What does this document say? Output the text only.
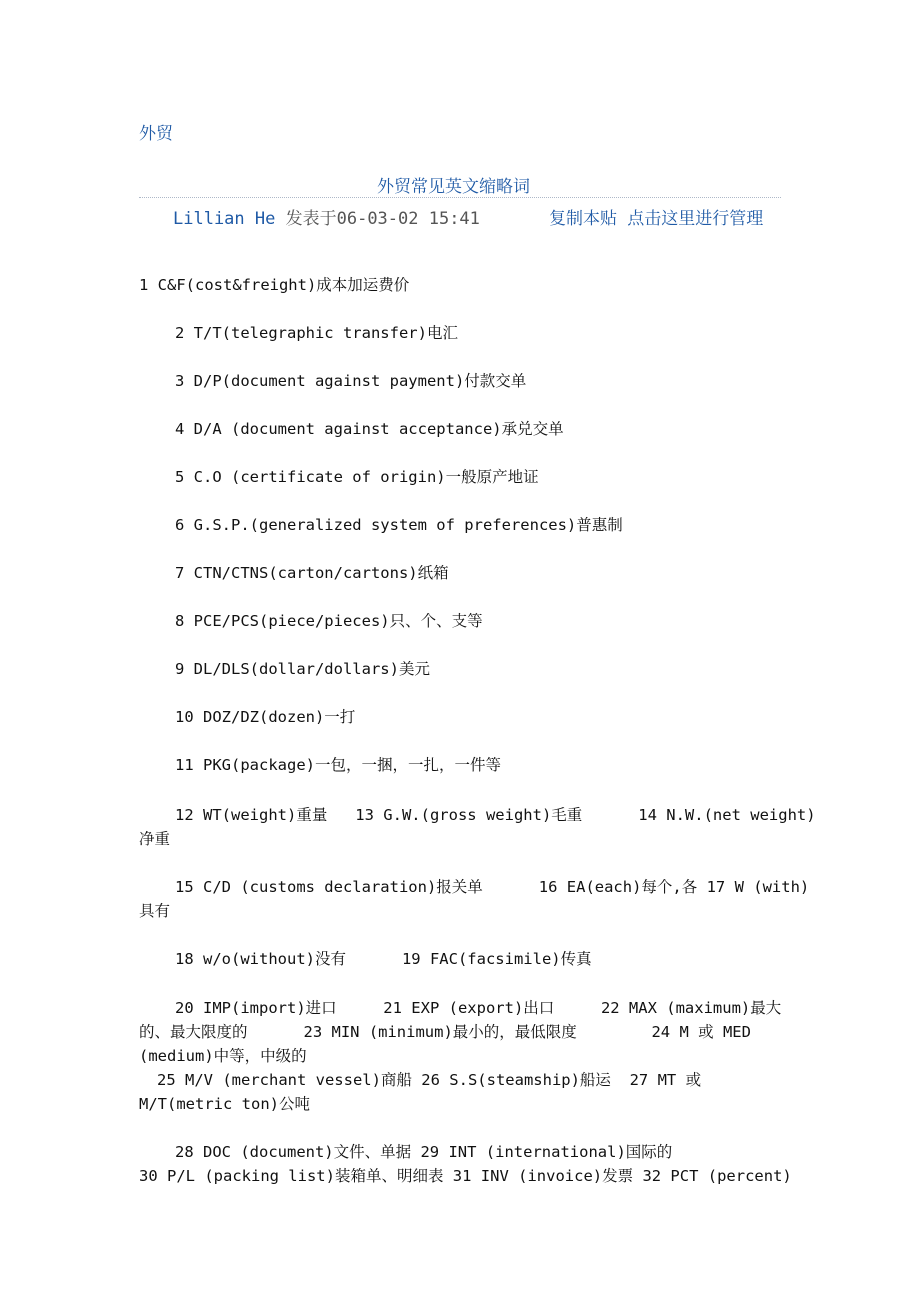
外贸
外贸常见英文缩略词
Lillian He 发表于06-03-02 15:41	复制本贴 点击这里进行管理

1 C&F(cost&freight)成本加运费价

2 T/T(telegraphic transfer)电汇

3 D/P(document against payment)付款交单

4 D/A (document against acceptance)承兑交单

5 C.O (certificate of origin)一般原产地证

6 G.S.P.(generalized system of preferences)普惠制

7 CTN/CTNS(carton/cartons)纸箱

8 PCE/PCS(piece/pieces)只、个、支等

9 DL/DLS(dollar/dollars)美元

10 DOZ/DZ(dozen)一打

11 PKG(package)一包，一捆，一扎，一件等

12 WT(weight)重量   13 G.W.(gross weight)毛重      14 N.W.(net weight)
净重
15 C/D (customs declaration)报关单      16 EA(each)每个,各 17 W (with)
具有
18 w/o(without)没有      19 FAC(facsimile)传真
20 IMP(import)进口     21 EXP (export)出口     22 MAX (maximum)最大
的、最大限度的      23 MIN (minimum)最小的，最低限度        24 M 或 MED
(medium)中等，中级的
25 M/V (merchant vessel)商船 26 S.S(steamship)船运  27 MT 或
M/T(metric ton)公吨
28 DOC (document)文件、单据 29 INT (international)国际的
30 P/L (packing list)装箱单、明细表 31 INV (invoice)发票 32 PCT (percent)
